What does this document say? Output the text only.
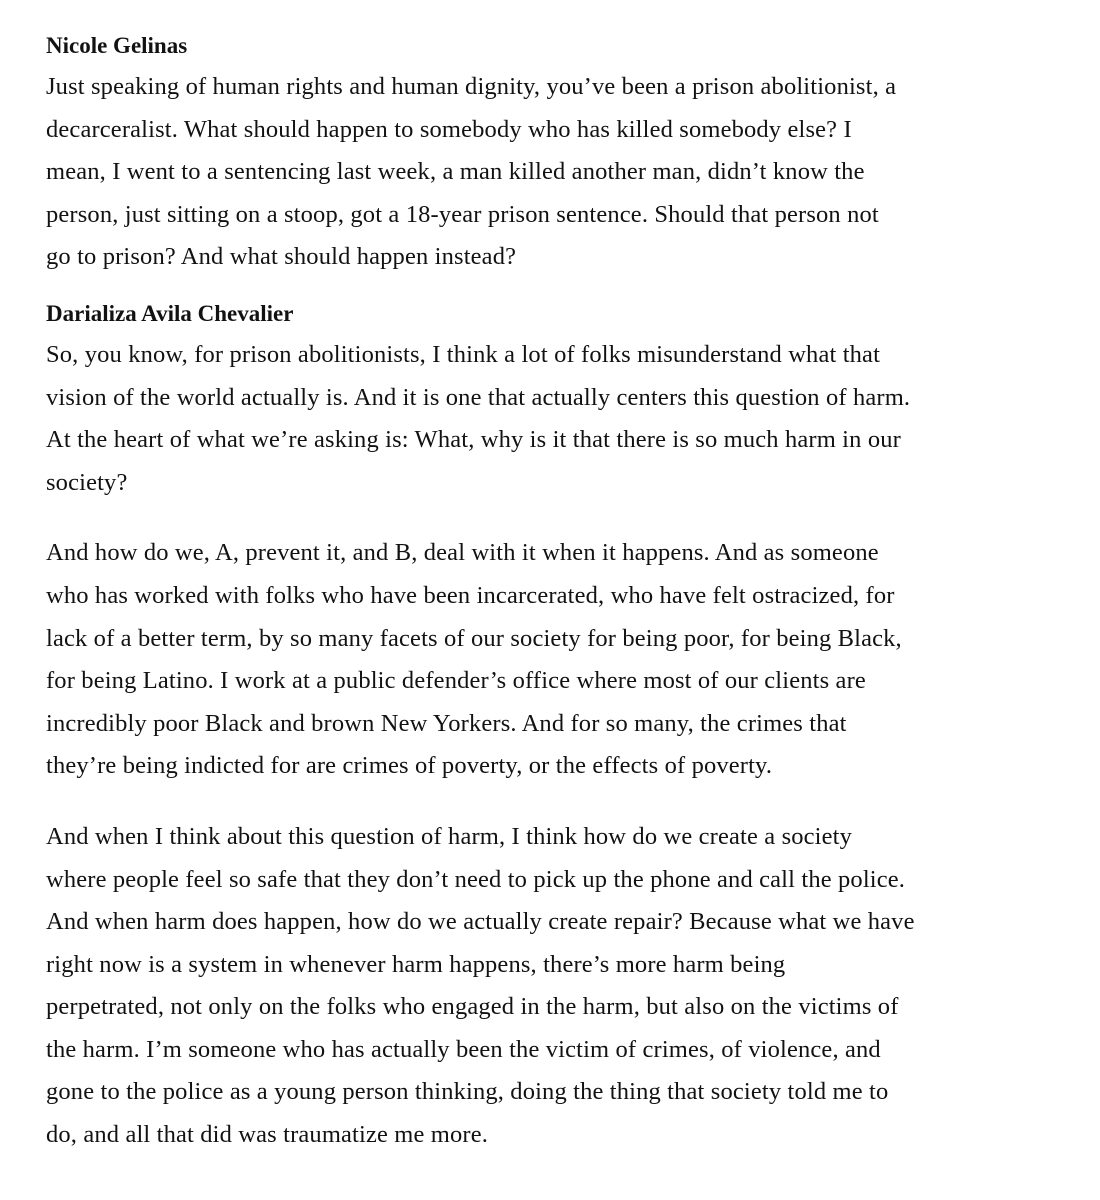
Nicole Gelinas

Just speaking of human rights and human dignity, you’ve been a prison abolitionist, a
decarceralist. What should happen to somebody who has killed somebody else? I
mean, I went to a sentencing last week, a man killed another man, didn’t know the
person, just sitting on a stoop, got a 18-year prison sentence. Should that person not
go to prison? And what should happen instead?

Darializa Avila Chevalier

So, you know, for prison abolitionists, I think a lot of folks misunderstand what that
vision of the world actually is. And it is one that actually centers this question of harm.
At the heart of what we’re asking is: What, why is it that there is so much harm in our
society?

And how do we, A, prevent it, and B, deal with it when it happens. And as someone
who has worked with folks who have been incarcerated, who have felt ostracized, for
lack of a better term, by so many facets of our society for being poor, for being Black,
for being Latino. I work at a public defender’s office where most of our clients are
incredibly poor Black and brown New Yorkers. And for so many, the crimes that
they’re being indicted for are crimes of poverty, or the effects of poverty.

And when I think about this question of harm, I think how do we create a society
where people feel so safe that they don’t need to pick up the phone and call the police.
And when harm does happen, how do we actually create repair? Because what we have
right now is a system in whenever harm happens, there’s more harm being
perpetrated, not only on the folks who engaged in the harm, but also on the victims of
the harm. I’m someone who has actually been the victim of crimes, of violence, and
gone to the police as a young person thinking, doing the thing that society told me to
do, and all that did was traumatize me more.
